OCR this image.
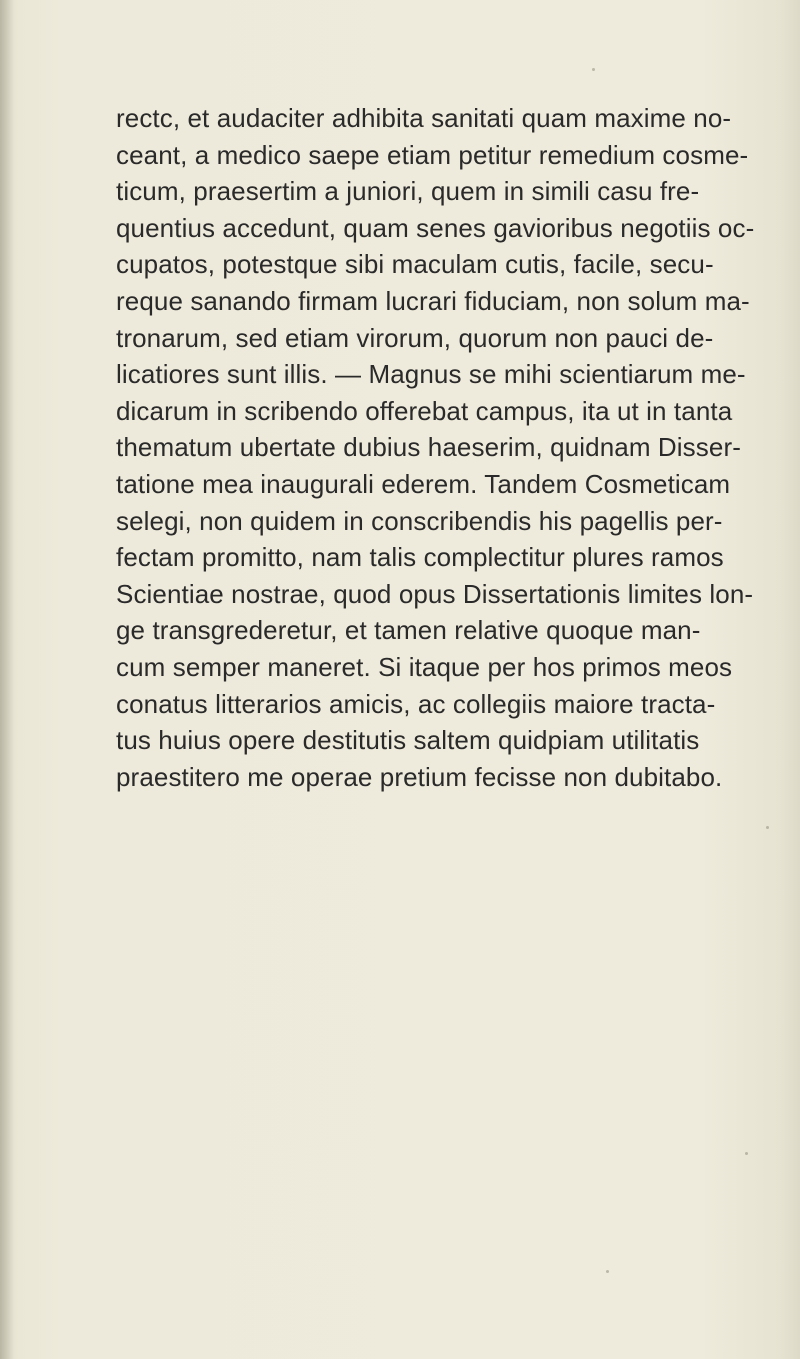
rectc, et audaciter adhibita sanitati quam maxime no-
ceant, a medico saepe etiam petitur remedium cosme-
ticum, praesertim a juniori, quem in simili casu fre-
quentius accedunt, quam senes gavioribus negotiis oc-
cupatos, potestque sibi maculam cutis, facile, secu-
reque sanando firmam lucrari fiduciam, non solum ma-
tronarum, sed etiam virorum, quorum non pauci de-
licatiores sunt illis. — Magnus se mihi scientiarum me-
dicarum in scribendo offerebat campus, ita ut in tanta
thematum ubertate dubius haeserim, quidnam Disser-
tatione mea inaugurali ederem. Tandem Cosmeticam
selegi, non quidem in conscribendis his pagellis per-
fectam promitto, nam talis complectitur plures ramos
Scientiae nostrae, quod opus Dissertationis limites lon-
ge transgrederetur, et tamen relative quoque man-
cum semper maneret. Si itaque per hos primos meos
conatus litterarios amicis, ac collegiis maiore tracta-
tus huius opere destitutis saltem quidpiam utilitatis
praestitero me operae pretium fecisse non dubitabo.
